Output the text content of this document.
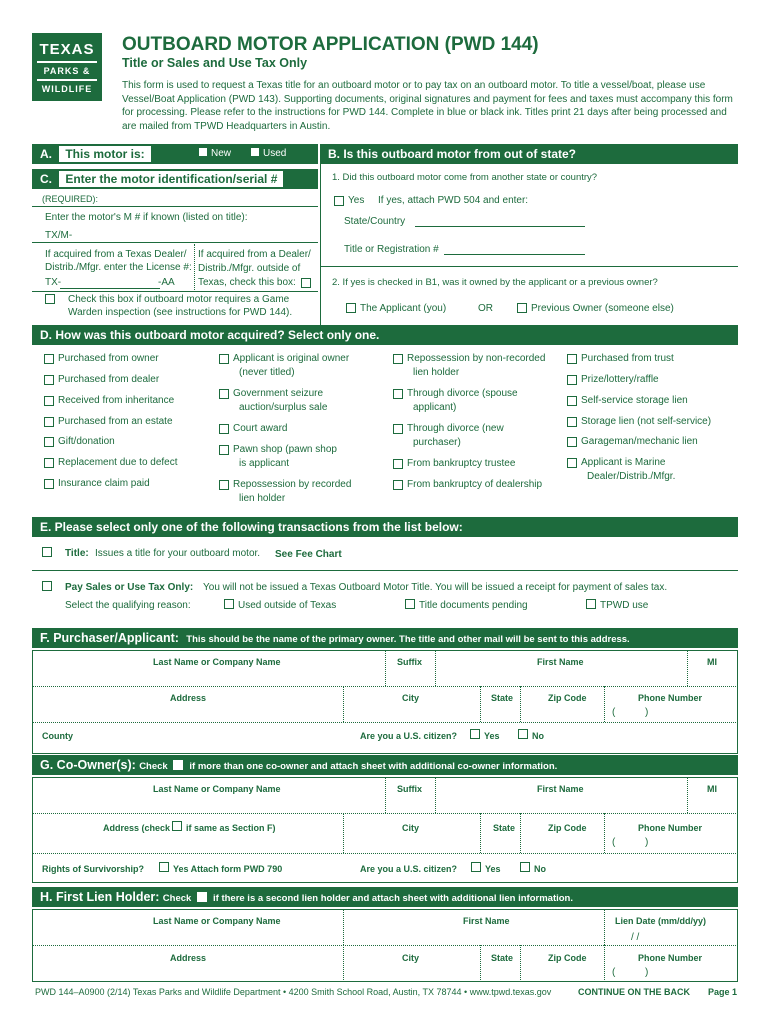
TEXAS
PARKS &
WILDLIFE
OUTBOARD MOTOR APPLICATION (PWD 144)
Title or Sales and Use Tax Only
This form is used to request a Texas title for an outboard motor or to pay tax on an outboard motor. To title a vessel/boat, please use Vessel/Boat Application (PWD 143). Supporting documents, original signatures and payment for fees and taxes must accompany this form for processing. Please refer to the instructions for PWD 144. Complete in blue or black ink. Titles print 21 days after being processed and are mailed from TPWD Headquarters in Austin.
A. This motor is:	New	Used	B. Is this outboard motor from out of state?
C. Enter the motor identification/serial #
(REQUIRED):
Enter the motor's M # if known (listed on title):
TX/M-
If acquired from a Texas Dealer/
Distrib./Mfgr. enter the License #:
If acquired from a Dealer/
Distrib./Mfgr. outside of
Texas, check this box:
TX-	-AA
Check this box if outboard motor requires a Game
Warden inspection (see instructions for PWD 144).
1. Did this outboard motor come from another state or country?
Yes If yes, attach PWD 504 and enter:
State/Country
Title or Registration #
2. If yes is checked in B1, was it owned by the applicant or a previous owner?
The Applicant (you)	OR	Previous Owner (someone else)
D. How was this outboard motor acquired? Select only one.
Purchased from owner
Purchased from dealer
Received from inheritance
Purchased from an estate
Gift/donation
Replacement due to defect
Insurance claim paid
Applicant is original owner
(never titled)
Government seizure
auction/surplus sale
Court award
Pawn shop (pawn shop
is applicant
Repossession by recorded
lien holder
Repossession by non-recorded
lien holder
Through divorce (spouse
applicant)
Through divorce (new
purchaser)
From bankruptcy trustee
From bankruptcy of dealership
Purchased from trust
Prize/lottery/raffle
Self-service storage lien
Storage lien (not self-service)
Garageman/mechanic lien
Applicant is Marine
Dealer/Distrib./Mfgr.
E. Please select only one of the following transactions from the list below:
Title: Issues a title for your outboard motor. See Fee Chart
Pay Sales or Use Tax Only: You will not be issued a Texas Outboard Motor Title. You will be issued a receipt for payment of sales tax.
Select the qualifying reason:	Used outside of Texas	Title documents pending	TPWD use
F. Purchaser/Applicant: This should be the name of the primary owner. The title and other mail will be sent to this address.
Last Name or Company Name	Suffix	First Name	MI
Address	City	State	Zip Code	Phone Number
(	)
County	Are you a U.S. citizen?	Yes	No
G. Co-Owner(s): Check if more than one co-owner and attach sheet with additional co-owner information.
Last Name or Company Name	Suffix	First Name	MI
Address (check if same as Section F)	City	State	Zip Code	Phone Number
(	)
Rights of Survivorship?	Yes Attach form PWD 790	Are you a U.S. citizen?	Yes	No
H. First Lien Holder: Check if there is a second lien holder and attach sheet with additional lien information.
Last Name or Company Name	First Name	Lien Date (mm/dd/yy)
/ /
Address	City	State	Zip Code	Phone Number
(	)
PWD 144–A0900 (2/14) Texas Parks and Wildlife Department • 4200 Smith School Road, Austin, TX 78744 • www.tpwd.texas.gov	CONTINUE ON THE BACK Page 1
